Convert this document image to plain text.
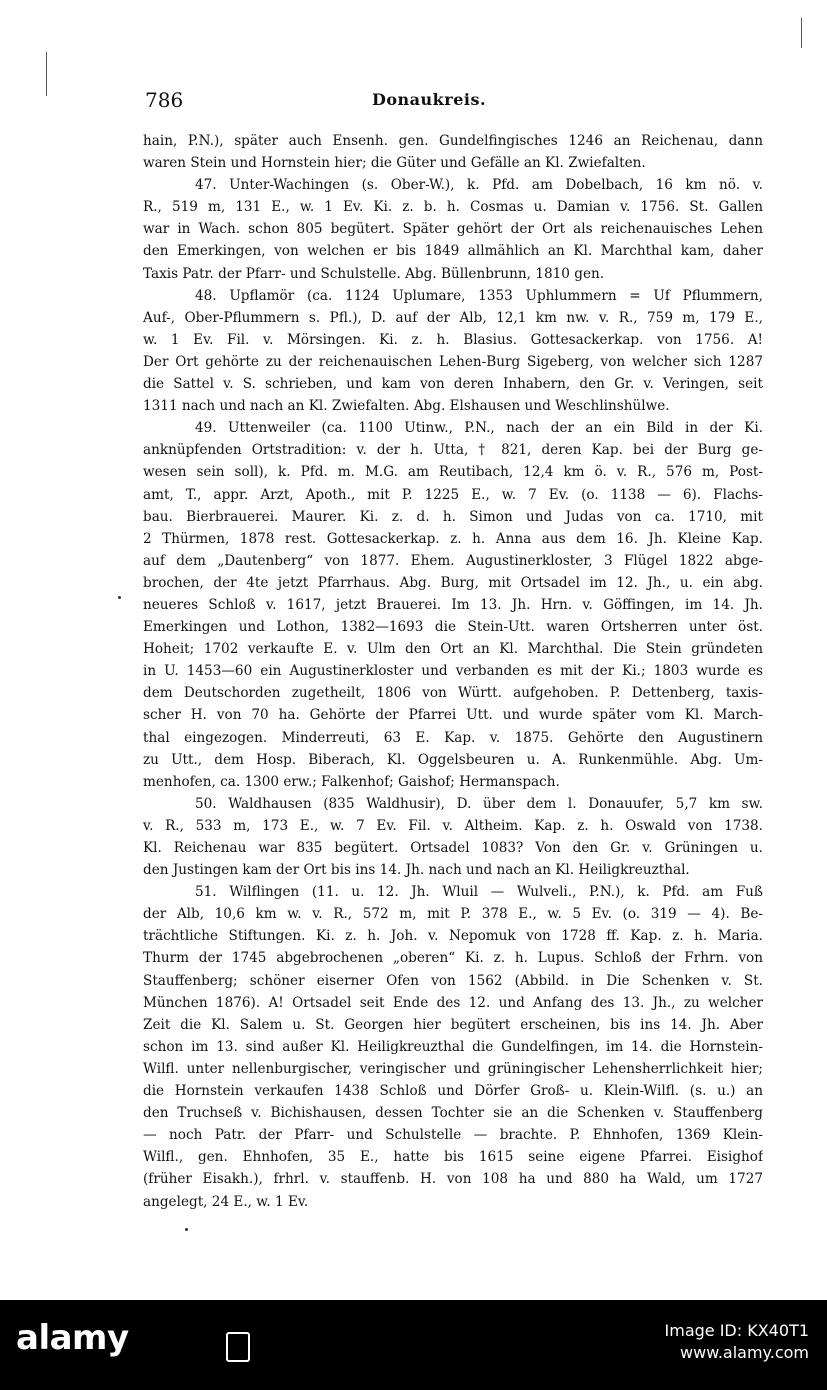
786	Donaukreis.
hain, P.N.), später auch Ensenh. gen. Gundelfingisches 1246 an Reichenau, dann
waren Stein und Hornstein hier; die Güter und Gefälle an Kl. Zwiefalten.
47. Unter-Wachingen (s. Ober-W.), k. Pfd. am Dobelbach, 16 km nö. v.
R., 519 m, 131 E., w. 1 Ev. Ki. z. b. h. Cosmas u. Damian v. 1756. St. Gallen
war in Wach. schon 805 begütert. Später gehört der Ort als reichenauisches Lehen
den Emerkingen, von welchen er bis 1849 allmählich an Kl. Marchthal kam, daher
Taxis Patr. der Pfarr- und Schulstelle. Abg. Büllenbrunn, 1810 gen.
48. Upflamör (ca. 1124 Uplumare, 1353 Uphlummern = Uf Pflummern,
Auf-, Ober-Pflummern s. Pfl.), D. auf der Alb, 12,1 km nw. v. R., 759 m, 179 E.,
w. 1 Ev. Fil. v. Mörsingen. Ki. z. h. Blasius. Gottesackerkap. von 1756. A!
Der Ort gehörte zu der reichenauischen Lehen-Burg Sigeberg, von welcher sich 1287
die Sattel v. S. schrieben, und kam von deren Inhabern, den Gr. v. Veringen, seit
1311 nach und nach an Kl. Zwiefalten. Abg. Elshausen und Weschlinshülwe.
49. Uttenweiler (ca. 1100 Utinw., P.N., nach der an ein Bild in der Ki.
anknüpfenden Ortstradition: v. der h. Utta, † 821, deren Kap. bei der Burg ge-
wesen sein soll), k. Pfd. m. M.G. am Reutibach, 12,4 km ö. v. R., 576 m, Post-
amt, T., appr. Arzt, Apoth., mit P. 1225 E., w. 7 Ev. (o. 1138 — 6). Flachs-
bau. Bierbrauerei. Maurer. Ki. z. d. h. Simon und Judas von ca. 1710, mit
2 Thürmen, 1878 rest. Gottesackerkap. z. h. Anna aus dem 16. Jh. Kleine Kap.
auf dem „Dautenberg“ von 1877. Ehem. Augustinerkloster, 3 Flügel 1822 abge-
brochen, der 4te jetzt Pfarrhaus. Abg. Burg, mit Ortsadel im 12. Jh., u. ein abg.
neueres Schloß v. 1617, jetzt Brauerei. Im 13. Jh. Hrn. v. Göffingen, im 14. Jh.
Emerkingen und Lothon, 1382—1693 die Stein-Utt. waren Ortsherren unter öst.
Hoheit; 1702 verkaufte E. v. Ulm den Ort an Kl. Marchthal. Die Stein gründeten
in U. 1453—60 ein Augustinerkloster und verbanden es mit der Ki.; 1803 wurde es
dem Deutschorden zugetheilt, 1806 von Württ. aufgehoben. P. Dettenberg, taxis-
scher H. von 70 ha. Gehörte der Pfarrei Utt. und wurde später vom Kl. March-
thal eingezogen. Minderreuti, 63 E. Kap. v. 1875. Gehörte den Augustinern
zu Utt., dem Hosp. Biberach, Kl. Oggelsbeuren u. A. Runkenmühle. Abg. Um-
menhofen, ca. 1300 erw.; Falkenhof; Gaishof; Hermanspach.
50. Waldhausen (835 Waldhusir), D. über dem l. Donauufer, 5,7 km sw.
v. R., 533 m, 173 E., w. 7 Ev. Fil. v. Altheim. Kap. z. h. Oswald von 1738.
Kl. Reichenau war 835 begütert. Ortsadel 1083? Von den Gr. v. Grüningen u.
den Justingen kam der Ort bis ins 14. Jh. nach und nach an Kl. Heiligkreuzthal.
51. Wilflingen (11. u. 12. Jh. Wluil — Wulveli., P.N.), k. Pfd. am Fuß
der Alb, 10,6 km w. v. R., 572 m, mit P. 378 E., w. 5 Ev. (o. 319 — 4). Be-
trächtliche Stiftungen. Ki. z. h. Joh. v. Nepomuk von 1728 ff. Kap. z. h. Maria.
Thurm der 1745 abgebrochenen „oberen“ Ki. z. h. Lupus. Schloß der Frhrn. von
Stauffenberg; schöner eiserner Ofen von 1562 (Abbild. in Die Schenken v. St.
München 1876). A! Ortsadel seit Ende des 12. und Anfang des 13. Jh., zu welcher
Zeit die Kl. Salem u. St. Georgen hier begütert erscheinen, bis ins 14. Jh. Aber
schon im 13. sind außer Kl. Heiligkreuzthal die Gundelfingen, im 14. die Hornstein-
Wilfl. unter nellenburgischer, veringischer und grüningischer Lehensherrlichkeit hier;
die Hornstein verkaufen 1438 Schloß und Dörfer Groß- u. Klein-Wilfl. (s. u.) an
den Truchseß v. Bichishausen, dessen Tochter sie an die Schenken v. Stauffenberg
— noch Patr. der Pfarr- und Schulstelle — brachte. P. Ehnhofen, 1369 Klein-
Wilfl., gen. Ehnhofen, 35 E., hatte bis 1615 seine eigene Pfarrei. Eisighof
(früher Eisakh.), frhrl. v. stauffenb. H. von 108 ha und 880 ha Wald, um 1727
angelegt, 24 E., w. 1 Ev.
alamy	Image ID: KX40T1
www.alamy.com
